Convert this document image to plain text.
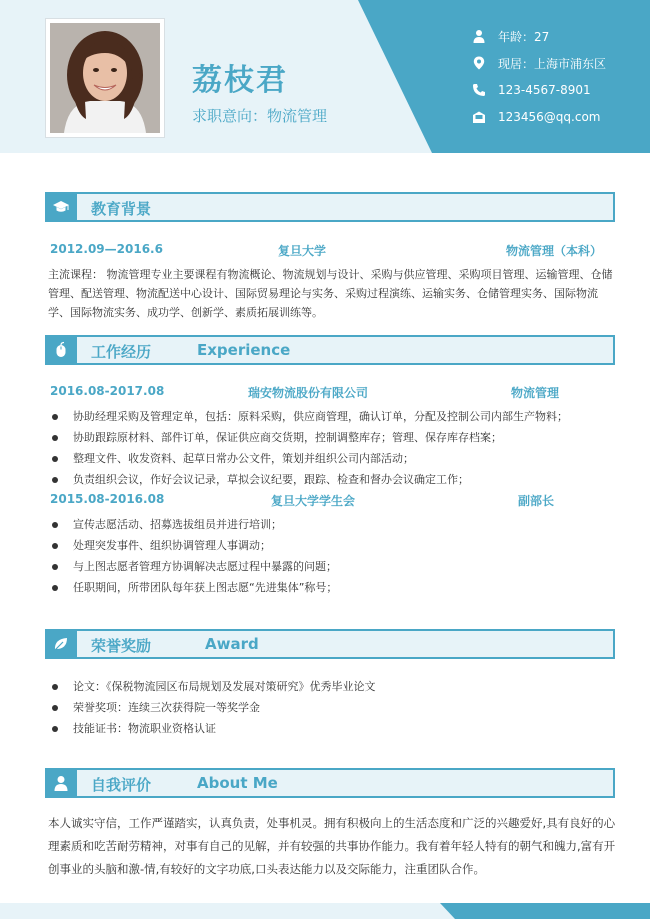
荔枝君
求职意向：物流管理
年龄：27
现居：上海市浦东区
123-4567-8901
123456@qq.com
教育背景
2012.09—2016.6	复旦大学	物流管理（本科）
主流课程： 物流管理专业主要课程有物流概论、物流规划与设计、采购与供应管理、采购项目管理、运输管理、仓储管理、配送管理、物流配送中心设计、国际贸易理论与实务、采购过程演练、运输实务、仓储管理实务、国际物流学、国际物流实务、成功学、创新学、素质拓展训练等。
工作经历	Experience
2016.08-2017.08	瑞安物流股份有限公司	物流管理
协助经理采购及管理定单，包括：原料采购，供应商管理，确认订单，分配及控制公司内部生产物料；
协助跟踪原材料、部件订单，保证供应商交货期，控制调整库存；管理、保存库存档案；
整理文件、收发资料、起草日常办公文件，策划并组织公司内部活动；
负责组织会议，作好会议记录，草拟会议纪要，跟踪、检查和督办会议确定工作；
2015.08-2016.08	复旦大学学生会	副部长
宣传志愿活动、招募选拔组员并进行培训；
处理突发事件、组织协调管理人事调动；
与上图志愿者管理方协调解决志愿过程中暴露的问题；
任职期间，所带团队每年获上图志愿“先进集体”称号；
荣誉奖励	Award
论文：《保税物流园区布局规划及发展对策研究》优秀毕业论文
荣誉奖项：连续三次获得院一等奖学金
技能证书：物流职业资格认证
自我评价	About Me
本人诚实守信，工作严谨踏实，认真负责，处事机灵。拥有积极向上的生活态度和广泛的兴趣爱好,具有良好的心理素质和吃苦耐劳精神，对事有自己的见解，并有较强的共事协作能力。我有着年轻人特有的朝气和魄力,富有开创事业的头脑和激-情,有较好的文字功底,口头表达能力以及交际能力，注重团队合作。
